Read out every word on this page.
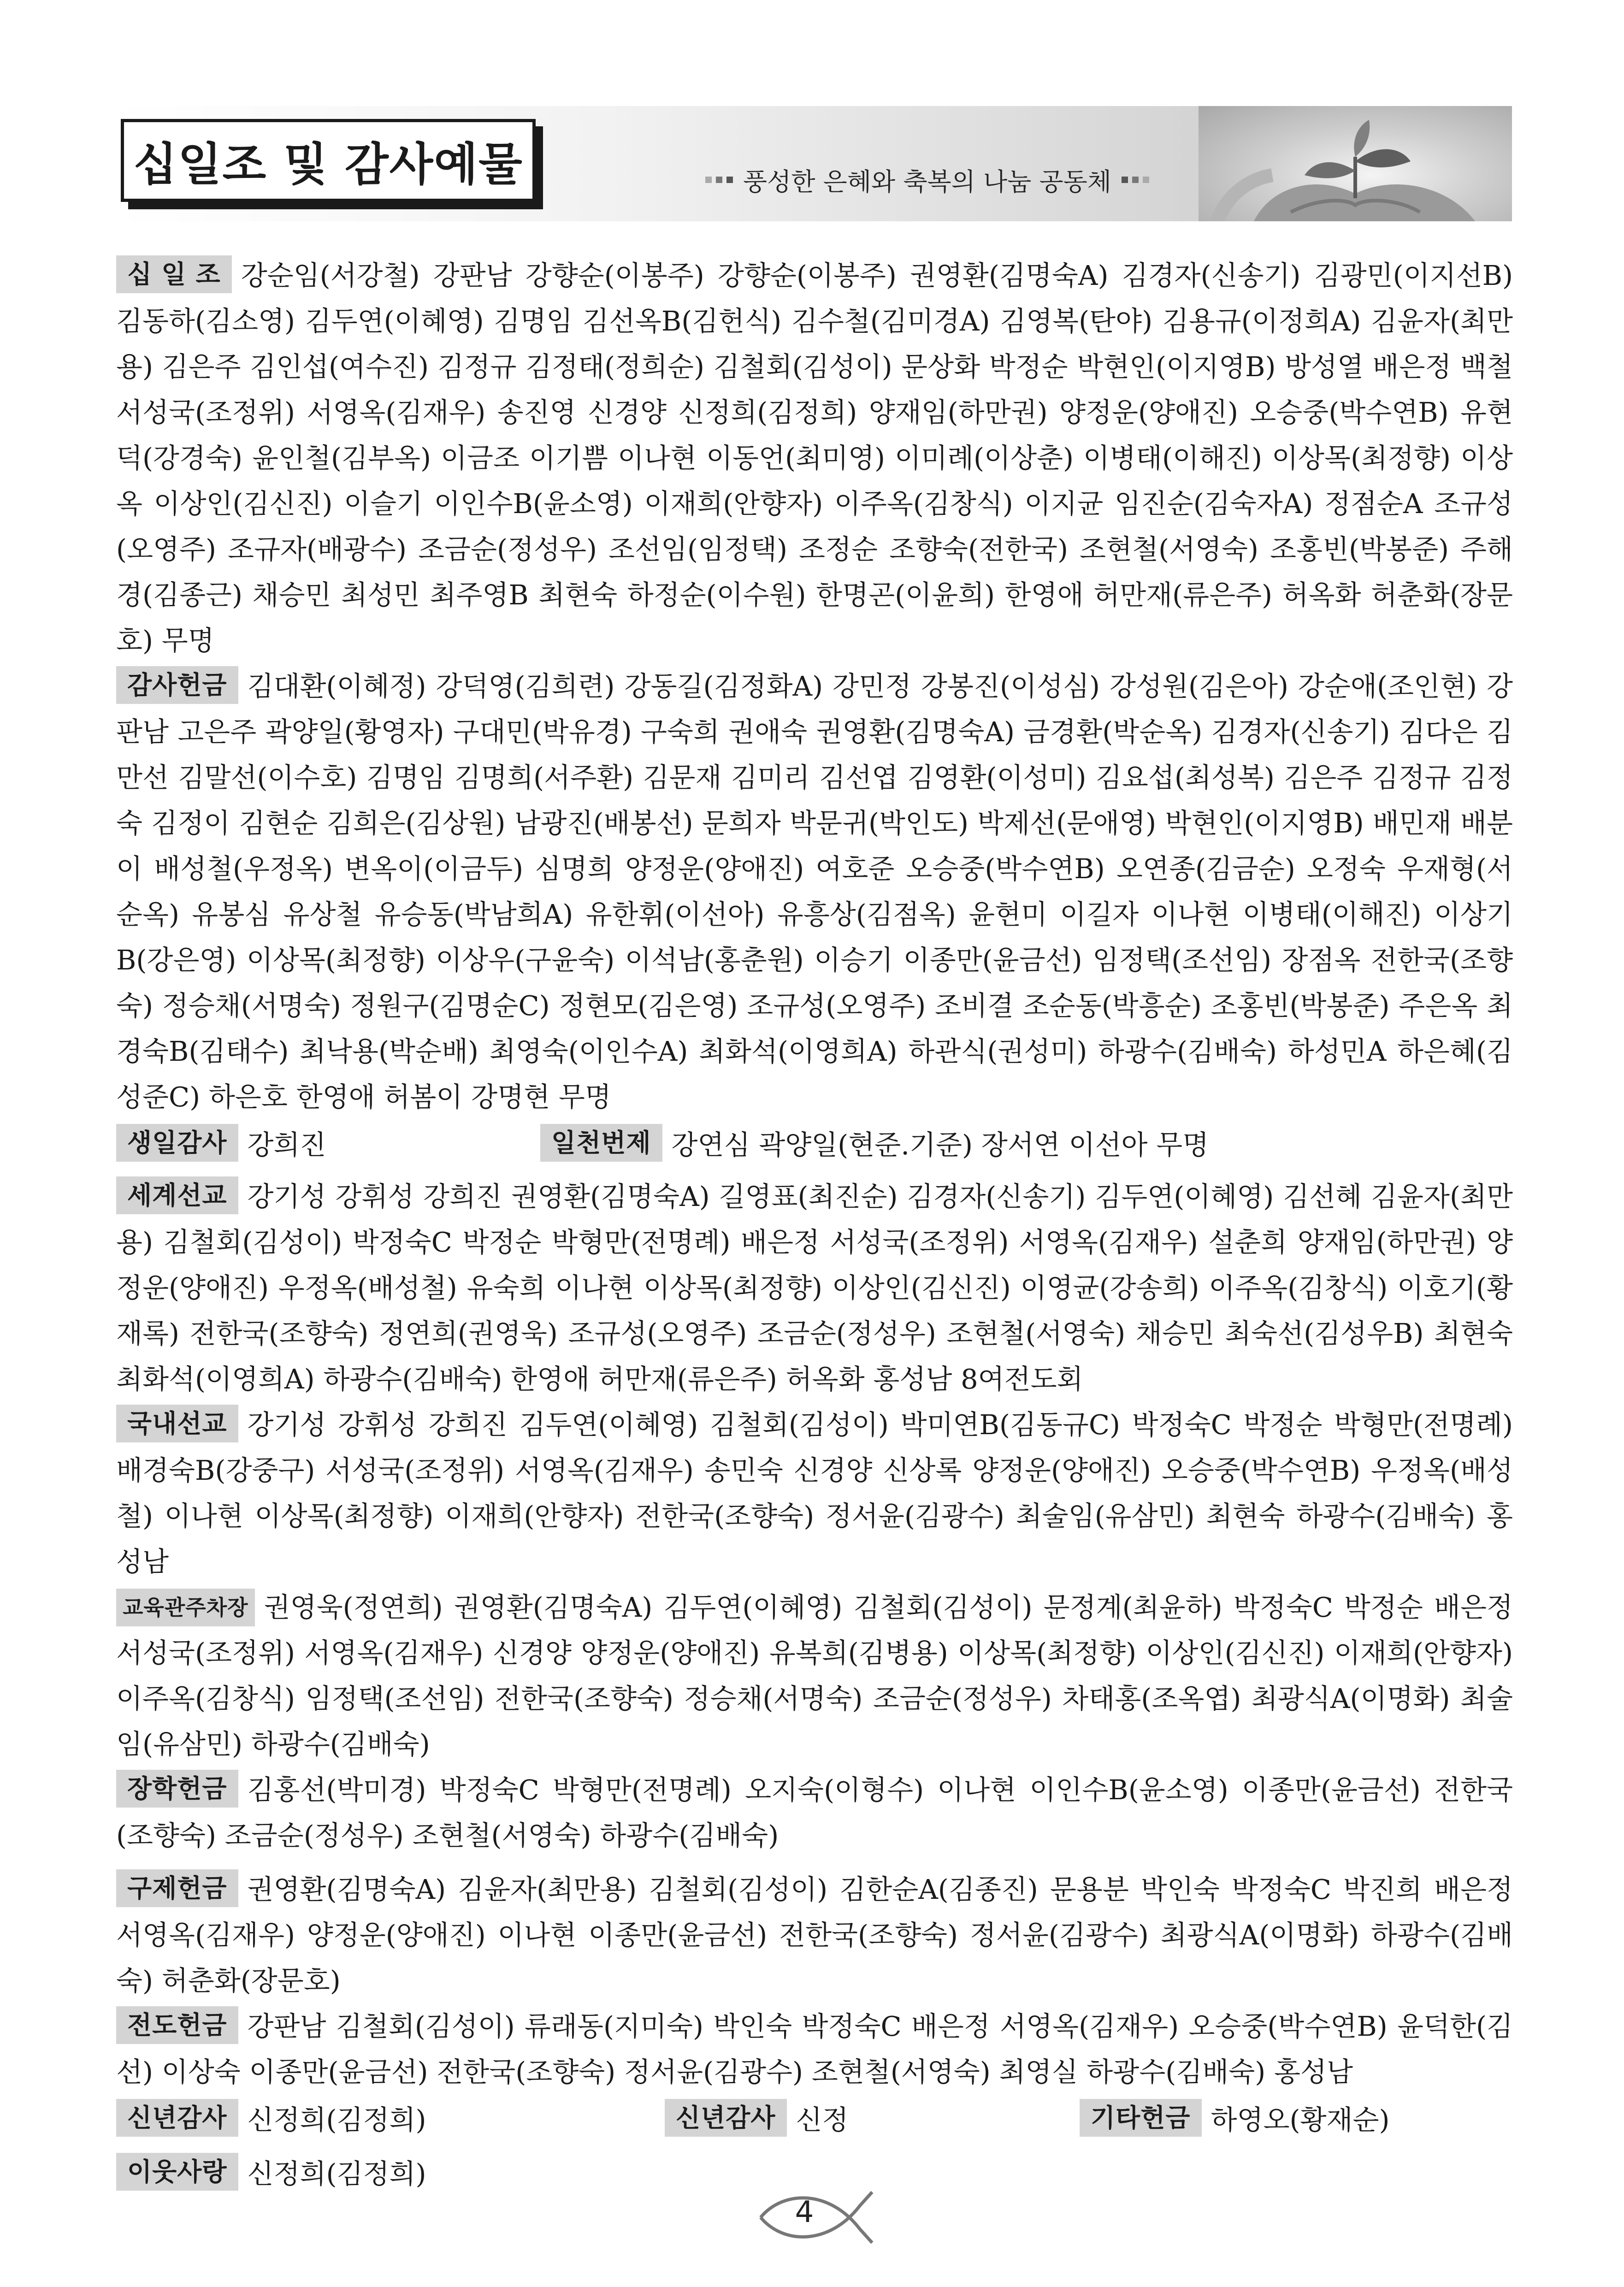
십일조 및 감사예물	풍성한 은혜와 축복의 나눔 공동체

십 일 조 강순임(서강철) 강판남 강향순(이봉주) 강향순(이봉주) 권영환(김명숙A) 김경자(신송기) 김광민(이지선B) 김동하(김소영) 김두연(이혜영) 김명임 김선옥B(김헌식) 김수철(김미경A) 김영복(탄야) 김용규(이정희A) 김윤자(최만용) 김은주 김인섭(여수진) 김정규 김정태(정희순) 김철회(김성이) 문상화 박정순 박현인(이지영B) 방성열 배은정 백철 서성국(조정위) 서영옥(김재우) 송진영 신경양 신정희(김정희) 양재임(하만권) 양정운(양애진) 오승중(박수연B) 유현덕(강경숙) 윤인철(김부옥) 이금조 이기쁨 이나현 이동언(최미영) 이미례(이상춘) 이병태(이해진) 이상목(최정향) 이상옥 이상인(김신진) 이슬기 이인수B(윤소영) 이재희(안향자) 이주옥(김창식) 이지균 임진순(김숙자A) 정점순A 조규성(오영주) 조규자(배광수) 조금순(정성우) 조선임(임정택) 조정순 조향숙(전한국) 조현철(서영숙) 조홍빈(박봉준) 주해경(김종근) 채승민 최성민 최주영B 최현숙 하정순(이수원) 한명곤(이윤희) 한영애 허만재(류은주) 허옥화 허춘화(장문호) 무명

감사헌금 김대환(이혜정) 강덕영(김희련) 강동길(김정화A) 강민정 강봉진(이성심) 강성원(김은아) 강순애(조인현) 강판남 고은주 곽양일(황영자) 구대민(박유경) 구숙희 권애숙 권영환(김명숙A) 금경환(박순옥) 김경자(신송기) 김다은 김만선 김말선(이수호) 김명임 김명희(서주환) 김문재 김미리 김선엽 김영환(이성미) 김요섭(최성복) 김은주 김정규 김정숙 김정이 김현순 김희은(김상원) 남광진(배봉선) 문희자 박문귀(박인도) 박제선(문애영) 박현인(이지영B) 배민재 배분이 배성철(우정옥) 변옥이(이금두) 심명희 양정운(양애진) 여호준 오승중(박수연B) 오연종(김금순) 오정숙 우재형(서순옥) 유봉심 유상철 유승동(박남희A) 유한휘(이선아) 유흥상(김점옥) 윤현미 이길자 이나현 이병태(이해진) 이상기B(강은영) 이상목(최정향) 이상우(구윤숙) 이석남(홍춘원) 이승기 이종만(윤금선) 임정택(조선임) 장점옥 전한국(조향숙) 정승채(서명숙) 정원구(김명순C) 정현모(김은영) 조규성(오영주) 조비결 조순동(박흥순) 조홍빈(박봉준) 주은옥 최경숙B(김태수) 최낙용(박순배) 최영숙(이인수A) 최화석(이영희A) 하관식(권성미) 하광수(김배숙) 하성민A 하은혜(김성준C) 하은호 한영애 허봄이 강명현 무명

생일감사 강희진	일천번제 강연심 곽양일(현준.기준) 장서연 이선아 무명

세계선교 강기성 강휘성 강희진 권영환(김명숙A) 길영표(최진순) 김경자(신송기) 김두연(이혜영) 김선혜 김윤자(최만용) 김철회(김성이) 박정숙C 박정순 박형만(전명례) 배은정 서성국(조정위) 서영옥(김재우) 설춘희 양재임(하만권) 양정운(양애진) 우정옥(배성철) 유숙희 이나현 이상목(최정향) 이상인(김신진) 이영균(강송희) 이주옥(김창식) 이호기(황재록) 전한국(조향숙) 정연희(권영욱) 조규성(오영주) 조금순(정성우) 조현철(서영숙) 채승민 최숙선(김성우B) 최현숙 최화석(이영희A) 하광수(김배숙) 한영애 허만재(류은주) 허옥화 홍성남 8여전도회

국내선교 강기성 강휘성 강희진 김두연(이혜영) 김철회(김성이) 박미연B(김동규C) 박정숙C 박정순 박형만(전명례) 배경숙B(강중구) 서성국(조정위) 서영옥(김재우) 송민숙 신경양 신상록 양정운(양애진) 오승중(박수연B) 우정옥(배성철) 이나현 이상목(최정향) 이재희(안향자) 전한국(조향숙) 정서윤(김광수) 최술임(유삼민) 최현숙 하광수(김배숙) 홍성남

교육관주차장 권영욱(정연희) 권영환(김명숙A) 김두연(이혜영) 김철회(김성이) 문정계(최윤하) 박정숙C 박정순 배은정 서성국(조정위) 서영옥(김재우) 신경양 양정운(양애진) 유복희(김병용) 이상목(최정향) 이상인(김신진) 이재희(안향자) 이주옥(김창식) 임정택(조선임) 전한국(조향숙) 정승채(서명숙) 조금순(정성우) 차태홍(조옥엽) 최광식A(이명화) 최술임(유삼민) 하광수(김배숙)

장학헌금 김홍선(박미경) 박정숙C 박형만(전명례) 오지숙(이형수) 이나현 이인수B(윤소영) 이종만(윤금선) 전한국(조향숙) 조금순(정성우) 조현철(서영숙) 하광수(김배숙)

구제헌금 권영환(김명숙A) 김윤자(최만용) 김철회(김성이) 김한순A(김종진) 문용분 박인숙 박정숙C 박진희 배은정 서영옥(김재우) 양정운(양애진) 이나현 이종만(윤금선) 전한국(조향숙) 정서윤(김광수) 최광식A(이명화) 하광수(김배숙) 허춘화(장문호)

전도헌금 강판남 김철회(김성이) 류래동(지미숙) 박인숙 박정숙C 배은정 서영옥(김재우) 오승중(박수연B) 윤덕한(김선) 이상숙 이종만(윤금선) 전한국(조향숙) 정서윤(김광수) 조현철(서영숙) 최영실 하광수(김배숙) 홍성남

신년감사 신정희(김정희)	신년감사 신정	기타헌금 하영오(황재순)
이웃사랑 신정희(김정희)
4
